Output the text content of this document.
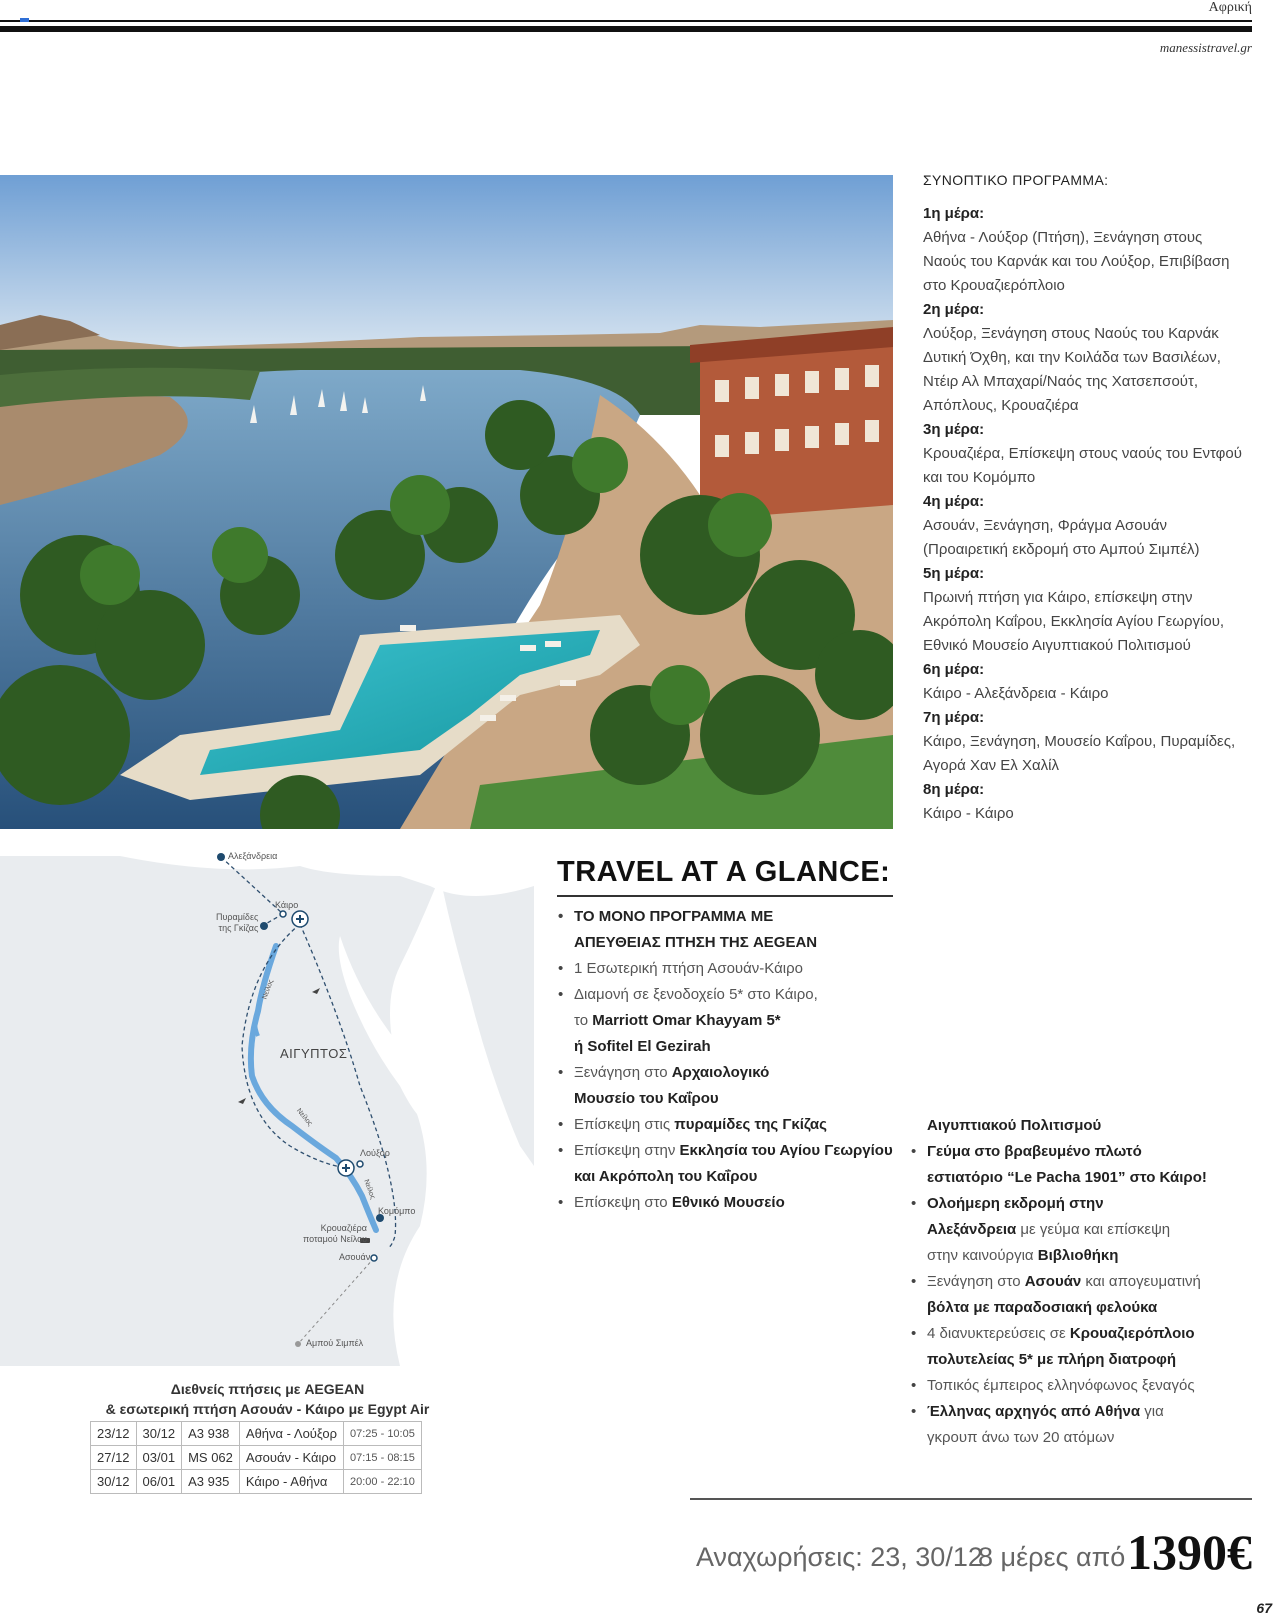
Αφρική
manessistravel.gr
ΣΥΝΟΠΤΙΚΟ ΠΡΟΓΡΑΜΜΑ:
1η μέρα:
Αθήνα - Λούξορ (Πτήση), Ξενάγηση στους
Ναούς του Καρνάκ και του Λούξορ, Επιβίβαση
στο Κρουαζιερόπλοιο
2η μέρα:
Λούξορ, Ξενάγηση στους Ναούς του Καρνάκ
Δυτική Όχθη, και την Κοιλάδα των Βασιλέων,
Ντέιρ Αλ Μπαχαρί/Ναός της Χατσεπσούτ,
Απόπλους, Κρουαζιέρα
3η μέρα:
Κρουαζιέρα, Επίσκεψη στους ναούς του Εντφού
και του Κομόμπο
4η μέρα:
Ασουάν, Ξενάγηση, Φράγμα Ασουάν
(Προαιρετική εκδρομή στο Αμπού Σιμπέλ)
5η μέρα:
Πρωινή πτήση για Κάιρο, επίσκεψη στην
Ακρόπολη Καΐρου, Εκκλησία Αγίου Γεωργίου,
Εθνικό Μουσείο Αιγυπτιακού Πολιτισμού
6η μέρα:
Κάιρο - Αλεξάνδρεια - Κάιρο
7η μέρα:
Κάιρο, Ξενάγηση, Μουσείο Καΐρου, Πυραμίδες,
Αγορά Χαν Ελ Χαλίλ
8η μέρα:
Κάιρο - Κάιρο
Αλεξάνδρεια
Κάιρο
Πυραμίδες
της Γκίζας
ΑΙΓΥΠΤΟΣ
Νείλος
Νείλος
Νείλος
Λούξορ
Κομόμπο
Κρουαζιέρα
ποταμού Νείλου
Ασουάν
Αμπού Σιμπέλ
Διεθνείς πτήσεις με AEGEAN
& εσωτερική πτήση Ασουάν - Κάιρο με Egypt Air
23/12	30/12	A3 938	Αθήνα - Λούξορ	07:25 - 10:05
27/12	03/01	MS 062	Ασουάν - Κάιρο	07:15 - 08:15
30/12	06/01	A3 935	Κάιρο - Αθήνα	20:00 - 22:10
TRAVEL AT A GLANCE:
• ΤΟ ΜΟΝΟ ΠΡΟΓΡΑΜΜΑ ΜΕ
ΑΠΕΥΘΕΙΑΣ ΠΤΗΣΗ ΤΗΣ AEGEAN
• 1 Εσωτερική πτήση Ασουάν-Κάιρο
• Διαμονή σε ξενοδοχείο 5* στο Κάιρο,
το Marriott Omar Khayyam 5*
ή Sofitel El Gezirah
• Ξενάγηση στο Αρχαιολογικό
Μουσείο του Καΐρου
• Επίσκεψη στις πυραμίδες της Γκίζας
• Επίσκεψη στην Εκκλησία του Αγίου Γεωργίου
και Ακρόπολη του Καΐρου
• Επίσκεψη στο Εθνικό Μουσείο
Αιγυπτιακού Πολιτισμού
• Γεύμα στο βραβευμένο πλωτό
εστιατόριο “Le Pacha 1901” στο Κάιρο!
• Ολοήμερη εκδρομή στην
Αλεξάνδρεια με γεύμα και επίσκεψη
στην καινούργια Βιβλιοθήκη
• Ξενάγηση στο Ασουάν και απογευματινή
βόλτα με παραδοσιακή φελούκα
• 4 διανυκτερεύσεις σε Κρουαζιερόπλοιο
πολυτελείας 5* με πλήρη διατροφή
• Τοπικός έμπειρος ελληνόφωνος ξεναγός
• Έλληνας αρχηγός από Αθήνα για
γκρουπ άνω των 20 ατόμων
Αναχωρήσεις: 23, 30/12
8 μέρες από 1390€
67
